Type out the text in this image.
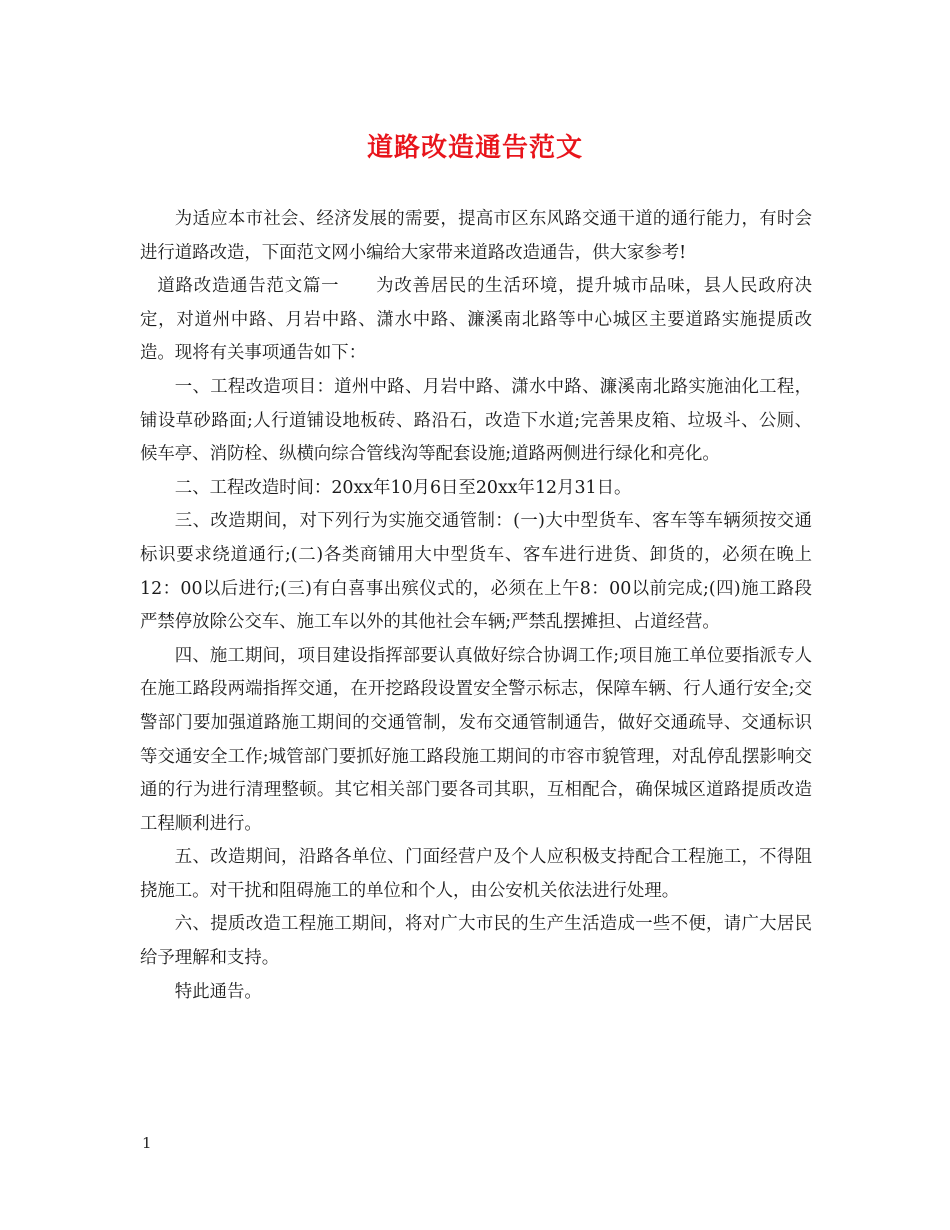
道路改造通告范文

为适应本市社会、经济发展的需要，提高市区东风路交通干道的通行能力，有时会进行道路改造，下面范文网小编给大家带来道路改造通告，供大家参考!

道路改造通告范文篇一 为改善居民的生活环境，提升城市品味，县人民政府决定，对道州中路、月岩中路、潇水中路、濂溪南北路等中心城区主要道路实施提质改造。现将有关事项通告如下：

一、工程改造项目：道州中路、月岩中路、潇水中路、濂溪南北路实施油化工程，铺设草砂路面;人行道铺设地板砖、路沿石，改造下水道;完善果皮箱、垃圾斗、公厕、候车亭、消防栓、纵横向综合管线沟等配套设施;道路两侧进行绿化和亮化。

二、工程改造时间：20xx年10月6日至20xx年12月31日。

三、改造期间，对下列行为实施交通管制：(一)大中型货车、客车等车辆须按交通标识要求绕道通行;(二)各类商铺用大中型货车、客车进行进货、卸货的，必须在晚上12：00以后进行;(三)有白喜事出殡仪式的，必须在上午8：00以前完成;(四)施工路段严禁停放除公交车、施工车以外的其他社会车辆;严禁乱摆摊担、占道经营。

四、施工期间，项目建设指挥部要认真做好综合协调工作;项目施工单位要指派专人在施工路段两端指挥交通，在开挖路段设置安全警示标志，保障车辆、行人通行安全;交警部门要加强道路施工期间的交通管制，发布交通管制通告，做好交通疏导、交通标识等交通安全工作;城管部门要抓好施工路段施工期间的市容市貌管理，对乱停乱摆影响交通的行为进行清理整顿。其它相关部门要各司其职，互相配合，确保城区道路提质改造工程顺利进行。

五、改造期间，沿路各单位、门面经营户及个人应积极支持配合工程施工，不得阻挠施工。对干扰和阻碍施工的单位和个人，由公安机关依法进行处理。

六、提质改造工程施工期间，将对广大市民的生产生活造成一些不便，请广大居民给予理解和支持。

特此通告。

1
